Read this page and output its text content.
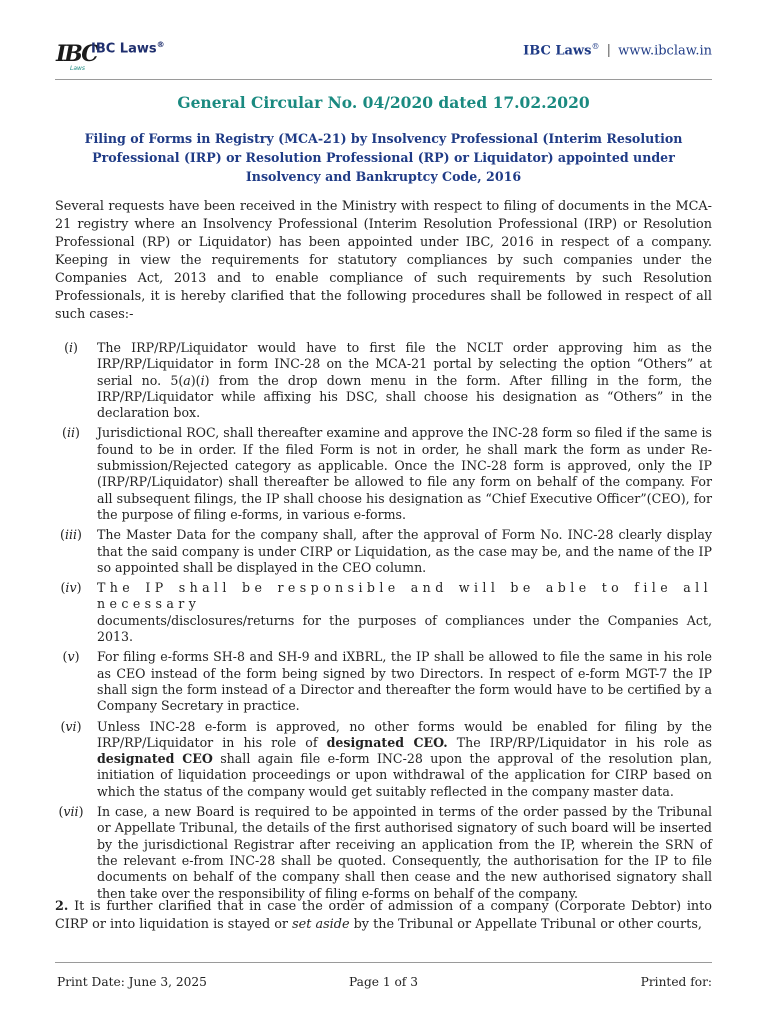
IBC
Laws
IBC Laws®	IBC Laws® | www.ibclaw.in
General Circular No. 04/2020 dated 17.02.2020
Filing of Forms in Registry (MCA-21) by Insolvency Professional (Interim Resolution Professional (IRP) or Resolution Professional (RP) or Liquidator) appointed under Insolvency and Bankruptcy Code, 2016
Several requests have been received in the Ministry with respect to filing of documents in the MCA-21 registry where an Insolvency Professional (Interim Resolution Professional (IRP) or Resolution Professional (RP) or Liquidator) has been appointed under IBC, 2016 in respect of a company. Keeping in view the requirements for statutory compliances by such companies under the Companies Act, 2013 and to enable compliance of such requirements by such Resolution Professionals, it is hereby clarified that the following procedures shall be followed in respect of all such cases:-
(i)	The IRP/RP/Liquidator would have to first file the NCLT order approving him as the IRP/RP/Liquidator in form INC-28 on the MCA-21 portal by selecting the option “Others” at serial no. 5(a)(i) from the drop down menu in the form. After filling in the form, the IRP/RP/Liquidator while affixing his DSC, shall choose his designation as “Others” in the declaration box.
(ii)	Jurisdictional ROC, shall thereafter examine and approve the INC-28 form so filed if the same is found to be in order. If the filed Form is not in order, he shall mark the form as under Re-submission/Rejected category as applicable. Once the INC-28 form is approved, only the IP (IRP/RP/Liquidator) shall thereafter be allowed to file any form on behalf of the company. For all subsequent filings, the IP shall choose his designation as “Chief Executive Officer”(CEO), for the purpose of filing e-forms, in various e-forms.
(iii)	The Master Data for the company shall, after the approval of Form No. INC-28 clearly display that the said company is under CIRP or Liquidation, as the case may be, and the name of the IP so appointed shall be displayed in the CEO column.
(iv)	The IP shall be responsible and will be able to file all necessary
documents/disclosures/returns for the purposes of compliances under the Companies Act, 2013.
(v)	For filing e-forms SH-8 and SH-9 and iXBRL, the IP shall be allowed to file the same in his role as CEO instead of the form being signed by two Directors. In respect of e-form MGT-7 the IP shall sign the form instead of a Director and thereafter the form would have to be certified by a Company Secretary in practice.
(vi)	Unless INC-28 e-form is approved, no other forms would be enabled for filing by the IRP/RP/Liquidator in his role of designated CEO. The IRP/RP/Liquidator in his role as designated CEO shall again file e-form INC-28 upon the approval of the resolution plan, initiation of liquidation proceedings or upon withdrawal of the application for CIRP based on which the status of the company would get suitably reflected in the company master data.
(vii) In case, a new Board is required to be appointed in terms of the order passed by the Tribunal or Appellate Tribunal, the details of the first authorised signatory of such board will be inserted by the jurisdictional Registrar after receiving an application from the IP, wherein the SRN of the relevant e-from INC-28 shall be quoted. Consequently, the authorisation for the IP to file documents on behalf of the company shall then cease and the new authorised signatory shall then take over the responsibility of filing e-forms on behalf of the company.
2. It is further clarified that in case the order of admission of a company (Corporate Debtor) into CIRP or into liquidation is stayed or set aside by the Tribunal or Appellate Tribunal or other courts,
Print Date: June 3, 2025	Page 1 of 3	Printed for:
